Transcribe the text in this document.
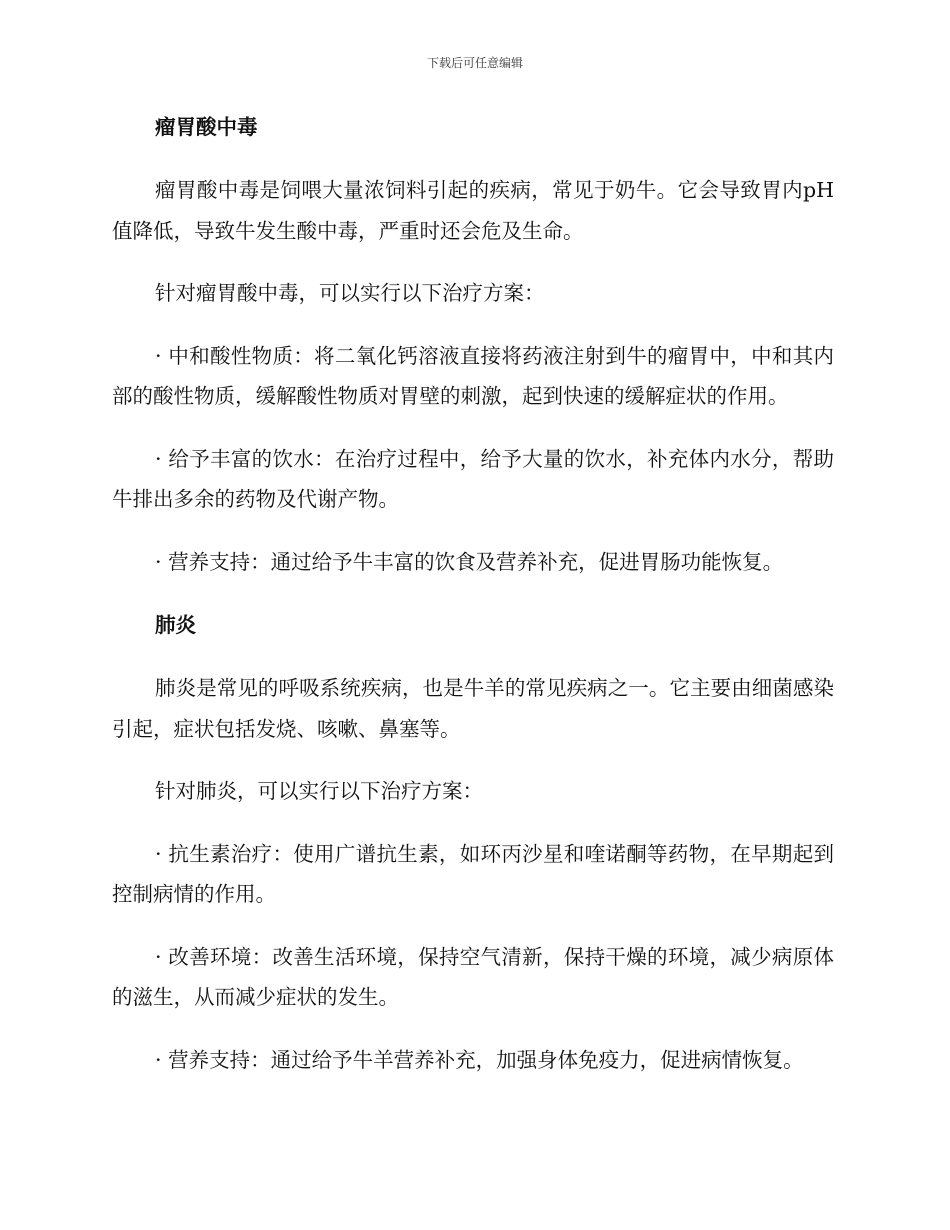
下载后可任意编辑
瘤胃酸中毒

瘤胃酸中毒是饲喂大量浓饲料引起的疾病，常见于奶牛。它会导致胃内pH值降低，导致牛发生酸中毒，严重时还会危及生命。

针对瘤胃酸中毒，可以实行以下治疗方案：

· 中和酸性物质：将二氧化钙溶液直接将药液注射到牛的瘤胃中，中和其内部的酸性物质，缓解酸性物质对胃壁的刺激，起到快速的缓解症状的作用。

· 给予丰富的饮水：在治疗过程中，给予大量的饮水，补充体内水分，帮助牛排出多余的药物及代谢产物。

· 营养支持：通过给予牛丰富的饮食及营养补充，促进胃肠功能恢复。

肺炎

肺炎是常见的呼吸系统疾病，也是牛羊的常见疾病之一。它主要由细菌感染引起，症状包括发烧、咳嗽、鼻塞等。

针对肺炎，可以实行以下治疗方案：

· 抗生素治疗：使用广谱抗生素，如环丙沙星和喹诺酮等药物，在早期起到控制病情的作用。

· 改善环境：改善生活环境，保持空气清新，保持干燥的环境，减少病原体的滋生，从而减少症状的发生。

· 营养支持：通过给予牛羊营养补充，加强身体免疫力，促进病情恢复。
